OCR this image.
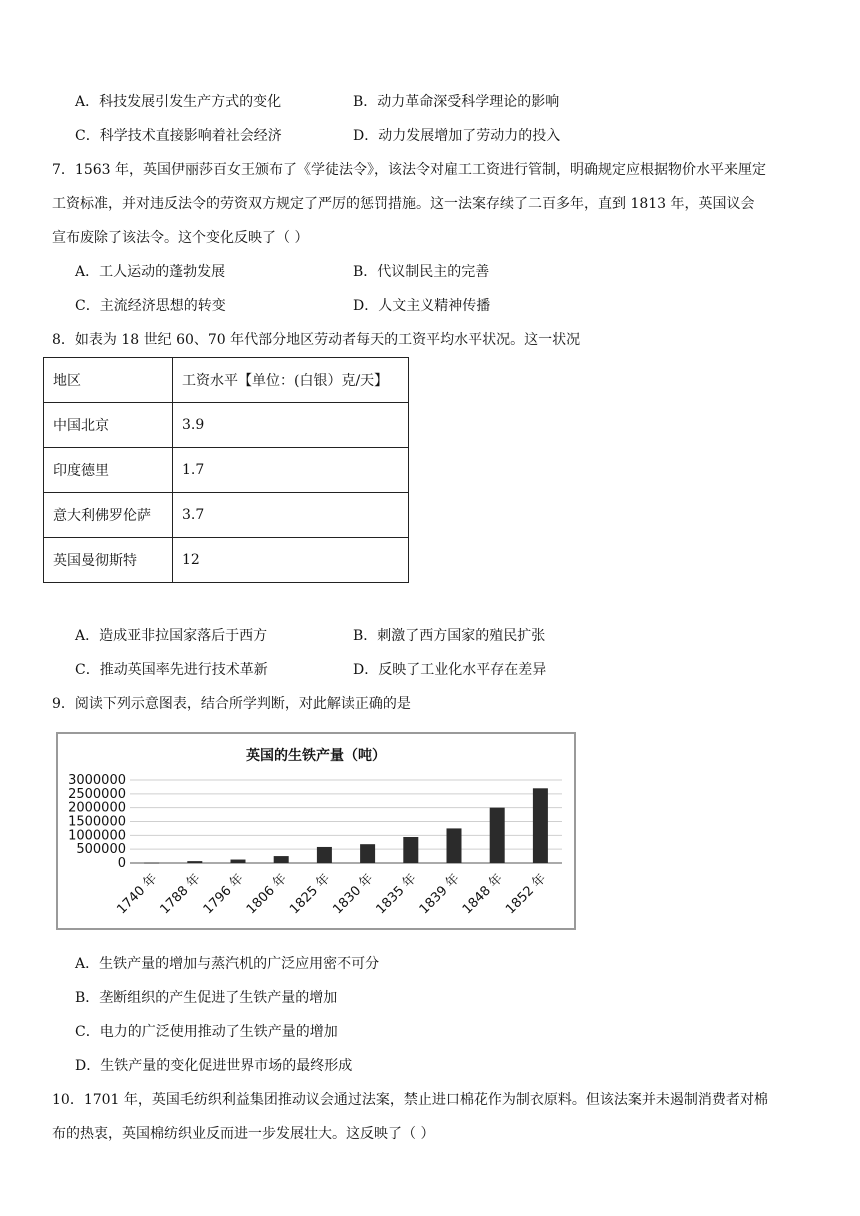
A．科技发展引发生产方式的变化	B．动力革命深受科学理论的影响
C．科学技术直接影响着社会经济	D．动力发展增加了劳动力的投入
7．1563 年，英国伊丽莎百女王颁布了《学徒法令》，该法令对雇工工资进行管制，明确规定应根据物价水平来厘定
工资标准，并对违反法令的劳资双方规定了严厉的惩罚措施。这一法案存续了二百多年，直到 1813 年，英国议会
宣布废除了该法令。这个变化反映了（ ）
A．工人运动的蓬勃发展	B．代议制民主的完善
C．主流经济思想的转变	D．人文主义精神传播
8．如表为 18 世纪 60、70 年代部分地区劳动者每天的工资平均水平状况。这一状况
地区	工资水平【单位：(白银）克/天】
中国北京	3.9
印度德里	1.7
意大利佛罗伦萨	3.7
英国曼彻斯特	12
A．造成亚非拉国家落后于西方	B．刺激了西方国家的殖民扩张
C．推动英国率先进行技术革新	D．反映了工业化水平存在差异
9．阅读下列示意图表，结合所学判断，对此解读正确的是
英国的生铁产量（吨）
0
500000
1000000
1500000
2000000
2500000
3000000
1740 年
1788 年
1796 年
1806 年
1825 年
1830 年
1835 年
1839 年
1848 年
1852 年
A．生铁产量的增加与蒸汽机的广泛应用密不可分
B．垄断组织的产生促进了生铁产量的增加
C．电力的广泛使用推动了生铁产量的增加
D．生铁产量的变化促进世界市场的最终形成
10．1701 年，英国毛纺织利益集团推动议会通过法案，禁止进口棉花作为制衣原料。但该法案并未遏制消费者对棉
布的热衷，英国棉纺织业反而进一步发展壮大。这反映了（ ）
